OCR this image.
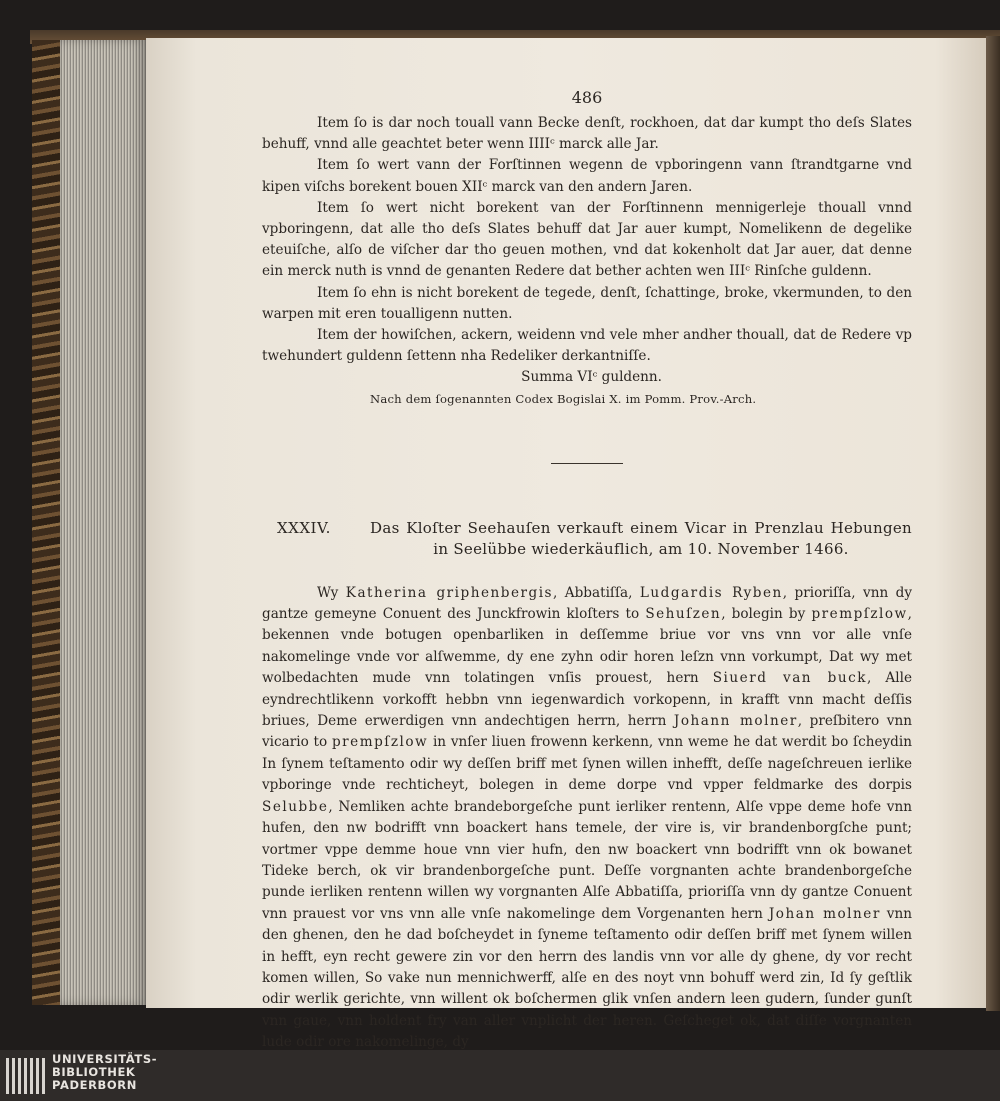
486

Item ſo is dar noch touall vann Becke denſt, rockhoen, dat dar kumpt tho deſs Slates behuff, vnnd alle geachtet beter wenn IIIIᶜ marck alle Jar.

Item ſo wert vann der Forſtinnen wegenn de vpboringenn vann ſtrandtgarne vnd kipen viſchs borekent bouen XIIᶜ marck van den andern Jaren.

Item ſo wert nicht borekent van der Forſtinnenn mennigerleje thouall vnnd vpboringenn, dat alle tho deſs Slates behuff dat Jar auer kumpt, Nomelikenn de degelike eteuiſche, alſo de viſcher dar tho geuen mothen, vnd dat kokenholt dat Jar auer, dat denne ein merck nuth is vnnd de genanten Redere dat bether achten wen IIIᶜ Rinſche guldenn.

Item ſo ehn is nicht borekent de tegede, denſt, ſchattinge, broke, vkermunden, to den warpen mit eren toualligenn nutten.

Item der howiſchen, ackern, weidenn vnd vele mher andher thouall, dat de Redere vp twehundert guldenn ſettenn nha Redeliker derkantniſſe.

Summa VIᶜ guldenn.

Nach dem ſogenannten Codex Bogislai X. im Pomm. Prov.-Arch.

XXXIV.	Das Kloſter Seehauſen verkauft einem Vicar in Prenzlau Hebungen in Seelübbe wiederkäuflich, am 10. November 1466.

Wy Katherina griphenbergis, Abbatiſſa, Ludgardis Ryben, prioriſſa, vnn dy gantze gemeyne Conuent des Junckfrowin kloſters to Sehuſzen, bolegin by prempſzlow, bekennen vnde botugen openbarliken in deſſemme briue vor vns vnn vor alle vnſe nakomelinge vnde vor alſwemme, dy ene zyhn odir horen leſzn vnn vorkumpt, Dat wy met wolbedachten mude vnn tolatingen vnſis prouest, hern Siuerd van buck, Alle eyndrechtlikenn vorkofft hebbn vnn iegenwardich vorkopenn, in krafft vnn macht deſſis briues, Deme erwerdigen vnn andechtigen herrn, herrn Johann molner, preſbitero vnn vicario to prempſzlow in vnſer liuen frowenn kerkenn, vnn weme he dat werdit bo ſcheydin In ſynem teſtamento odir wy deſſen briff met ſynen willen inhefft, deſſe nageſchreuen ierlike vpboringe vnde rechticheyt, bolegen in deme dorpe vnd vpper feldmarke des dorpis Selubbe, Nemliken achte brandeborgeſche punt ierliker rentenn, Alſe vppe deme hofe vnn hufen, den nw bodrifft vnn boackert hans temele, der vire is, vir brandenborgſche punt; vortmer vppe demme houe vnn vier hufn, den nw boackert vnn bodrifft vnn ok bowanet Tideke berch, ok vir brandenborgeſche punt. Deſſe vorgnanten achte brandenborgeſche punde ierliken rentenn willen wy vorgnanten Alſe Abbatiſſa, prioriſſa vnn dy gantze Conuent vnn prauest vor vns vnn alle vnſe nakomelinge dem Vorgenanten hern Johan molner vnn den ghenen, den he dad boſcheydet in ſyneme teſtamento odir deſſen briff met ſynem willen in hefft, eyn recht gewere zin vor den herrn des landis vnn vor alle dy ghene, dy vor recht komen willen, So vake nun mennichwerff, alſe en des noyt vnn bohuff werd zin, Id ſy geſtlik odir werlik gerichte, vnn willent ok boſchermen glik vnſen andern leen gudern, ſunder gunſt vnn gaue, vnn holdent fry van aller vnplicht der heren. Geſcheget ok, dat diſſe vorgnanten lude odir ore nakomelinge, dy

UNIVERSITÄTS-
BIBLIOTHEK
PADERBORN
